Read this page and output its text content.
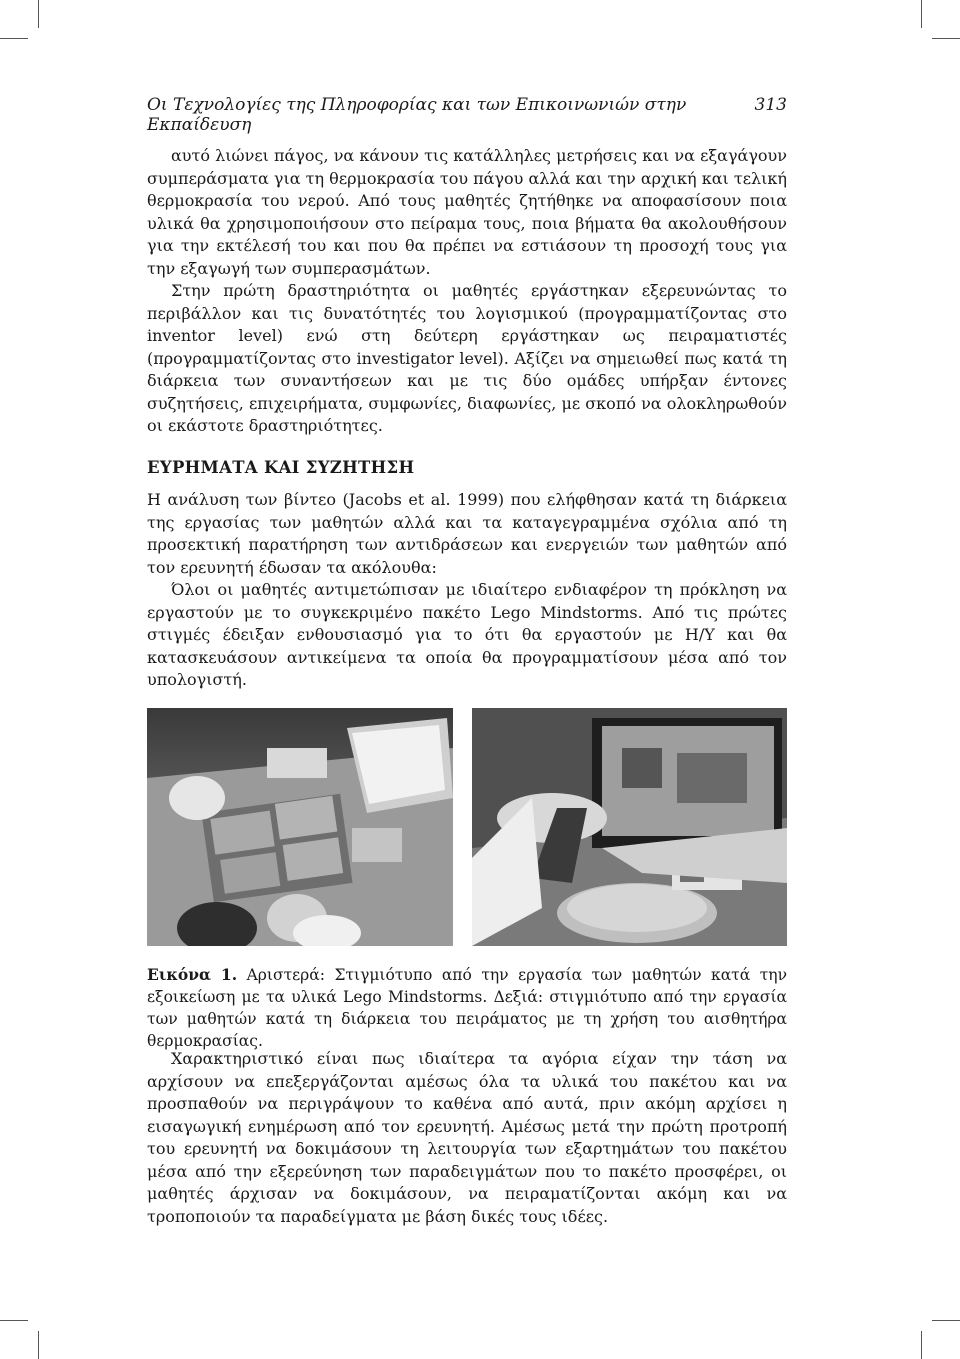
Οι Τεχνολογίες της Πληροφορίας και των Επικοινωνιών στην Εκπαίδευση
313

αυτό λιώνει πάγος, να κάνουν τις κατάλληλες μετρήσεις και να εξαγάγουν συμπεράσματα για τη θερμοκρασία του πάγου αλλά και την αρχική και τελική θερμοκρασία του νερού. Από τους μαθητές ζητήθηκε να αποφασίσουν ποια υλικά θα χρησιμοποιήσουν στο πείραμα τους, ποια βήματα θα ακολουθήσουν για την εκτέλεσή του και που θα πρέπει να εστιάσουν τη προσοχή τους για την εξαγωγή των συμπερασμάτων.

Στην πρώτη δραστηριότητα οι μαθητές εργάστηκαν εξερευνώντας το περιβάλλον και τις δυνατότητές του λογισμικού (προγραμματίζοντας στο inventor level) ενώ στη δεύτερη εργάστηκαν ως πειραματιστές (προγραμματίζοντας στο investigator level). Αξίζει να σημειωθεί πως κατά τη διάρκεια των συναντήσεων και με τις δύο ομάδες υπήρξαν έντονες συζητήσεις, επιχειρήματα, συμφωνίες, διαφωνίες, με σκοπό να ολοκληρωθούν οι εκάστοτε δραστηριότητες.

ΕΥΡΗΜΑΤΑ ΚΑΙ ΣΥΖΗΤΗΣΗ

Η ανάλυση των βίντεο (Jacobs et al. 1999) που ελήφθησαν κατά τη διάρκεια της εργασίας των μαθητών αλλά και τα καταγεγραμμένα σχόλια από τη προσεκτική παρατήρηση των αντιδράσεων και ενεργειών των μαθητών από τον ερευνητή έδωσαν τα ακόλουθα:

Όλοι οι μαθητές αντιμετώπισαν με ιδιαίτερο ενδιαφέρον τη πρόκληση να εργαστούν με το συγκεκριμένο πακέτο Lego Mindstorms. Από τις πρώτες στιγμές έδειξαν ενθουσιασμό για το ότι θα εργαστούν με Η/Υ και θα κατασκευάσουν αντικείμενα τα οποία θα προγραμματίσουν μέσα από τον υπολογιστή.

Εικόνα 1. Αριστερά: Στιγμιότυπο από την εργασία των μαθητών κατά την εξοικείωση με τα υλικά Lego Mindstorms. Δεξιά: στιγμιότυπο από την εργασία των μαθητών κατά τη διάρκεια του πειράματος με τη χρήση του αισθητήρα θερμοκρασίας.

Χαρακτηριστικό είναι πως ιδιαίτερα τα αγόρια είχαν την τάση να αρχίσουν να επεξεργάζονται αμέσως όλα τα υλικά του πακέτου και να προσπαθούν να περιγράψουν το καθένα από αυτά, πριν ακόμη αρχίσει η εισαγωγική ενημέρωση από τον ερευνητή. Αμέσως μετά την πρώτη προτροπή του ερευνητή να δοκιμάσουν τη λειτουργία των εξαρτημάτων του πακέτου μέσα από την εξερεύνηση των παραδειγμάτων που το πακέτο προσφέρει, οι μαθητές άρχισαν να δοκιμάσουν, να πειραματίζονται ακόμη και να τροποποιούν τα παραδείγματα με βάση δικές τους ιδέες.
